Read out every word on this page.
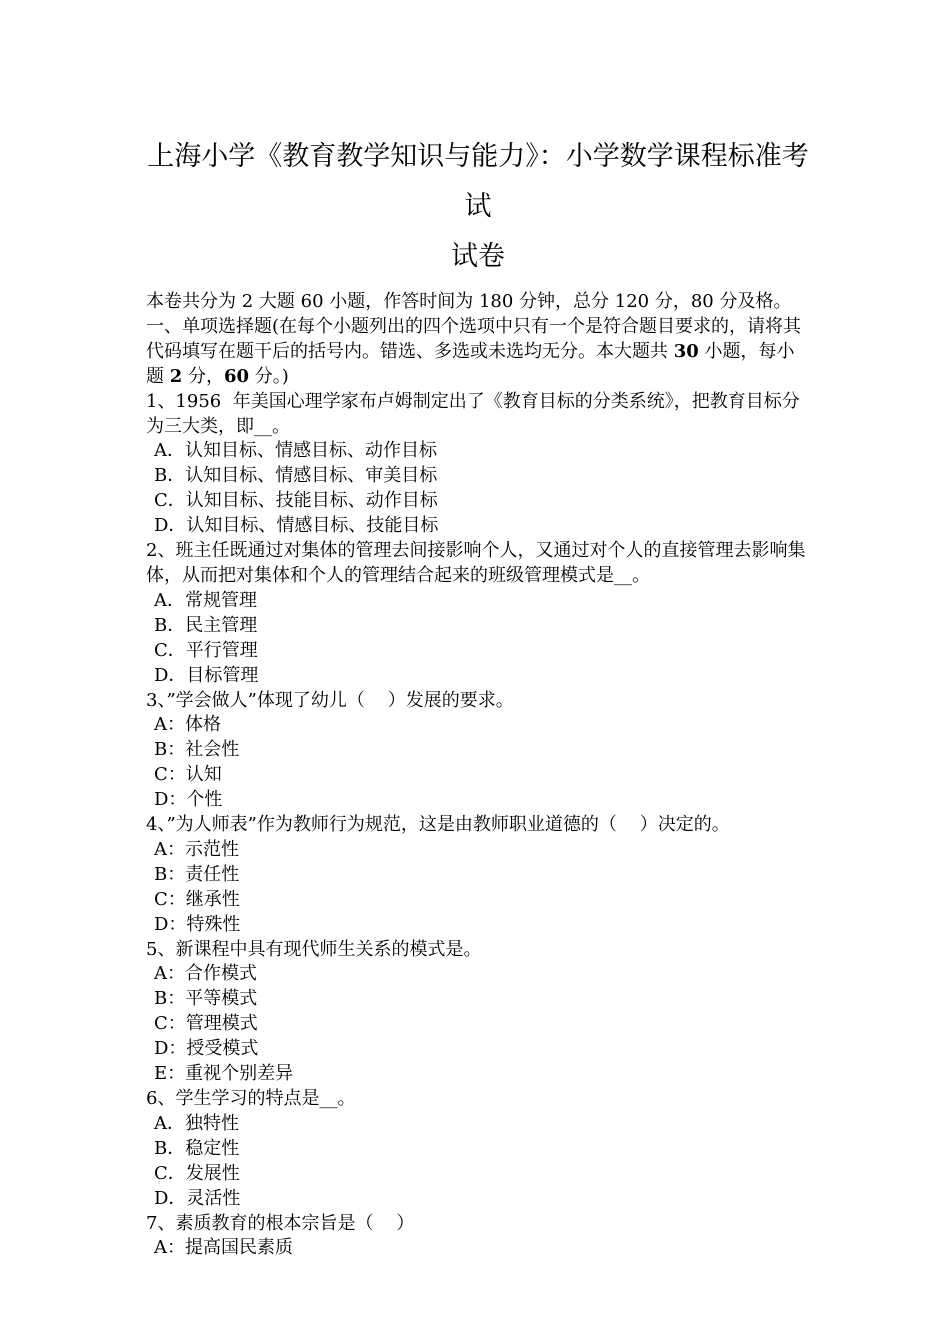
上海小学《教育教学知识与能力》：小学数学课程标准考试
试卷
本卷共分为 2 大题 60 小题，作答时间为 180 分钟，总分 120 分，80 分及格。
一、单项选择题(在每个小题列出的四个选项中只有一个是符合题目要求的，请将其代码填写在题干后的括号内。错选、多选或未选均无分。本大题共 30 小题，每小题 2 分，60 分。)
1、1956  年美国心理学家布卢姆制定出了《教育目标的分类系统》，把教育目标分为三大类，即__。
A．认知目标、情感目标、动作目标
B．认知目标、情感目标、审美目标
C．认知目标、技能目标、动作目标
D．认知目标、情感目标、技能目标
2、班主任既通过对集体的管理去间接影响个人，又通过对个人的直接管理去影响集体，从而把对集体和个人的管理结合起来的班级管理模式是__。
A．常规管理
B．民主管理
C．平行管理
D．目标管理
3、”学会做人”体现了幼儿（    ）发展的要求。
A：体格
B：社会性
C：认知
D：个性
4、”为人师表”作为教师行为规范，这是由教师职业道德的（    ）决定的。
A：示范性
B：责任性
C：继承性
D：特殊性
5、新课程中具有现代师生关系的模式是。
A：合作模式
B：平等模式
C：管理模式
D：授受模式
E：重视个别差异
6、学生学习的特点是__。
A．独特性
B．稳定性
C．发展性
D．灵活性
7、素质教育的根本宗旨是（    ）
A：提高国民素质
